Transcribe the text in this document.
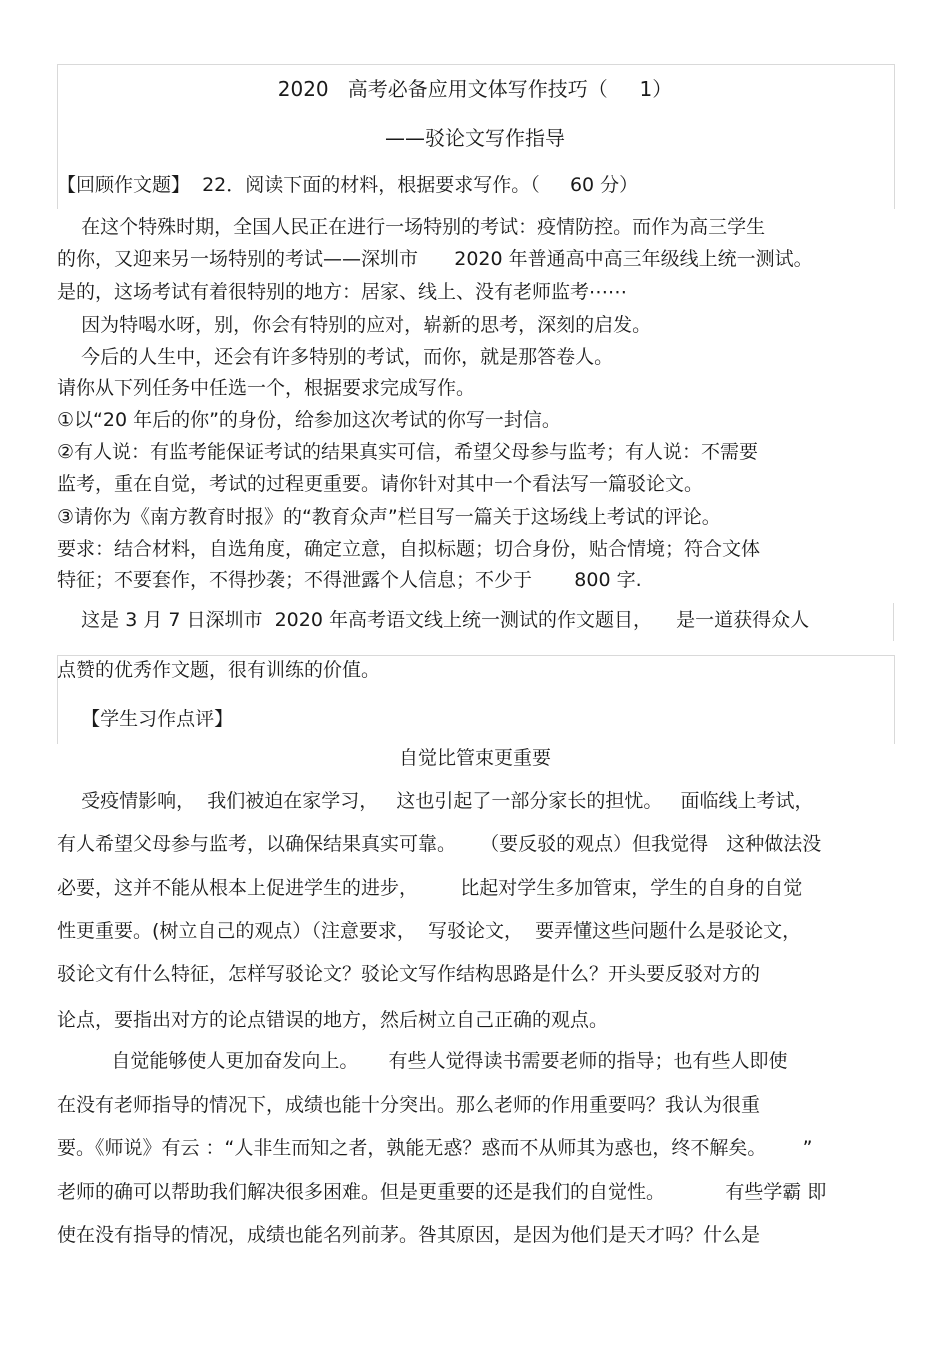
2020   高考必备应用文体写作技巧（     1）
——驳论文写作指导
【回顾作文题】  22．阅读下面的材料，根据要求写作。（     60 分）
在这个特殊时期，全国人民正在进行一场特别的考试：疫情防控。而作为高三学生
的你，又迎来另一场特别的考试——深圳市      2020 年普通高中高三年级线上统一测试。
是的，这场考试有着很特别的地方：居家、线上、没有老师监考⋯⋯
因为特喝水呀，别，你会有特别的应对，崭新的思考，深刻的启发。
今后的人生中，还会有许多特别的考试，而你，就是那答卷人。
请你从下列任务中任选一个，根据要求完成写作。
①以“20 年后的你”的身份，给参加这次考试的你写一封信。
②有人说：有监考能保证考试的结果真实可信，希望父母参与监考；有人说：不需要
监考，重在自觉，考试的过程更重要。请你针对其中一个看法写一篇驳论文。
③请你为《南方教育时报》的“教育众声”栏目写一篇关于这场线上考试的评论。
要求：结合材料，自选角度，确定立意，自拟标题；切合身份，贴合情境；符合文体
特征；不要套作，不得抄袭；不得泄露个人信息；不少于       800 字.
这是 3 月 7 日深圳市  2020 年高考语文线上统一测试的作文题目，    是一道获得众人
点赞的优秀作文题，很有训练的价值。
【学生习作点评】
自觉比管束更重要
受疫情影响，  我们被迫在家学习，   这也引起了一部分家长的担忧。   面临线上考试，
有人希望父母参与监考，以确保结果真实可靠。    （要反驳的观点）但我觉得   这种做法没
必要，这并不能从根本上促进学生的进步，       比起对学生多加管束，学生的自身的自觉
性更重要。(树立自己的观点）（注意要求，  写驳论文，  要弄懂这些问题什么是驳论文，
驳论文有什么特征，怎样写驳论文？驳论文写作结构思路是什么？开头要反驳对方的
论点，要指出对方的论点错误的地方，然后树立自己正确的观点。
自觉能够使人更加奋发向上。     有些人觉得读书需要老师的指导；也有些人即使
在没有老师指导的情况下，成绩也能十分突出。那么老师的作用重要吗？我认为很重
要。《师说》有云 ：“人非生而知之者，孰能无惑？惑而不从师其为惑也，终不解矣。      ”
老师的确可以帮助我们解决很多困难。但是更重要的还是我们的自觉性。          有些学霸 即
使在没有指导的情况，成绩也能名列前茅。咎其原因，是因为他们是天才吗？什么是
